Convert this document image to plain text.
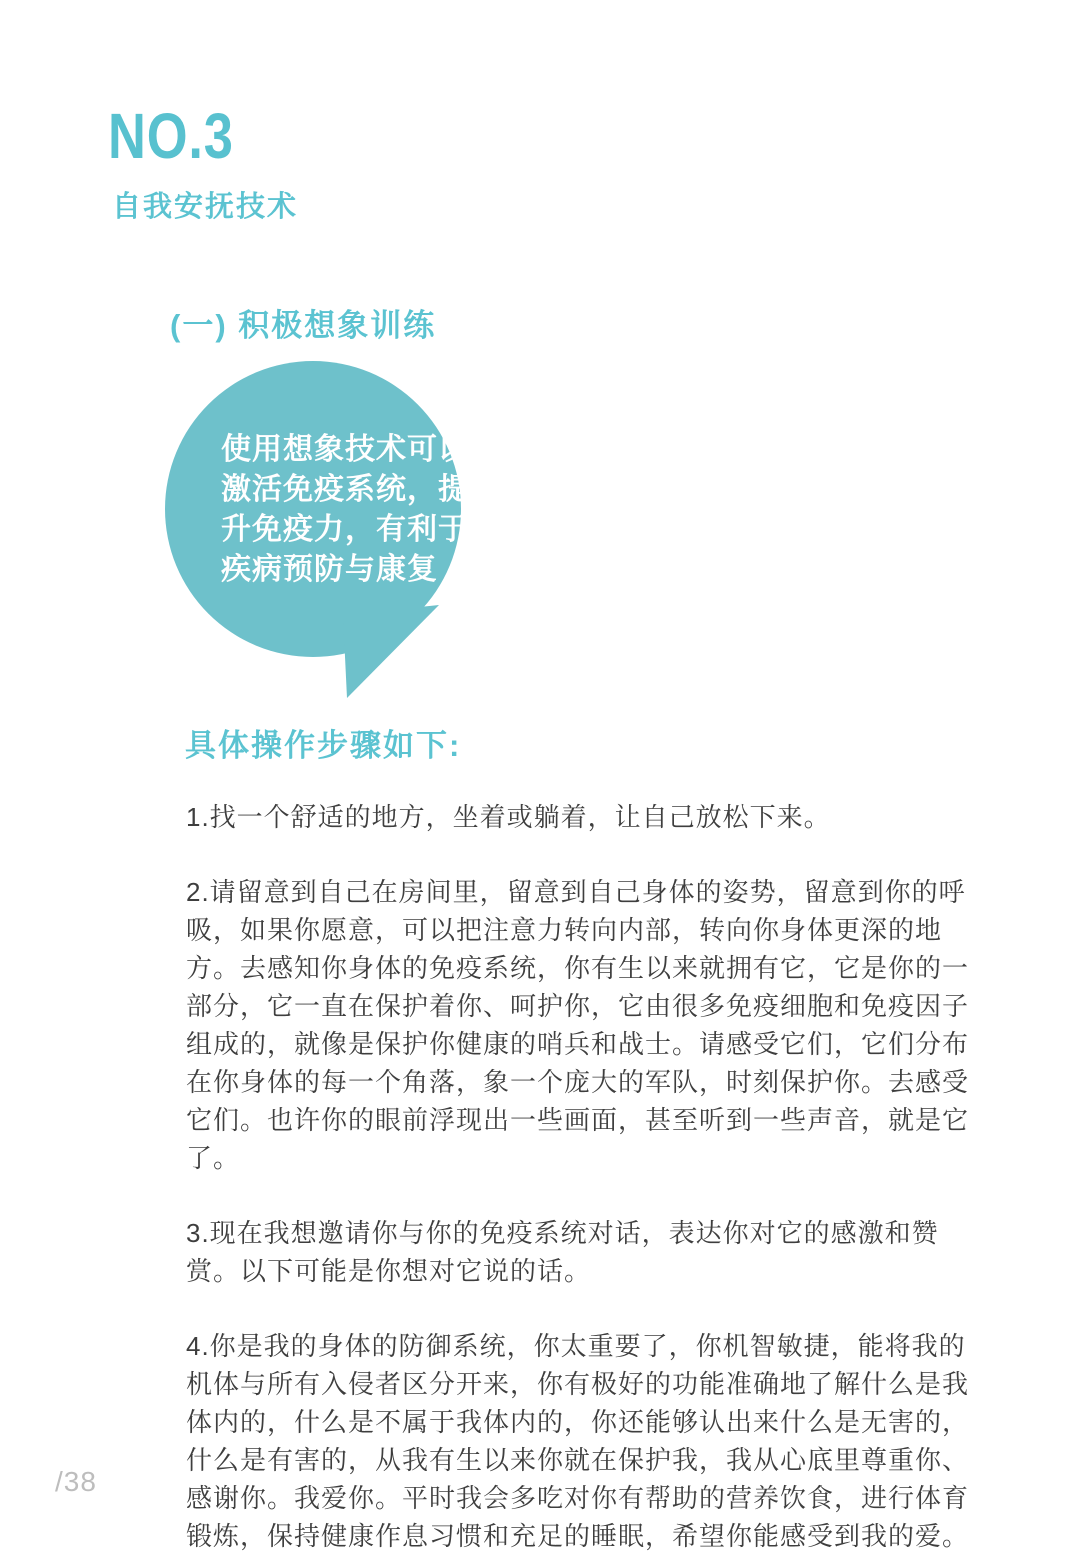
NO.3
自我安抚技术
(一) 积极想象训练
使用想象技术可以激活免疫系统，提升免疫力，有利于疾病预防与康复
具体操作步骤如下:

1.找一个舒适的地方，坐着或躺着，让自己放松下来。

2.请留意到自己在房间里，留意到自己身体的姿势，留意到你的呼吸，如果你愿意，可以把注意力转向内部，转向你身体更深的地方。去感知你身体的免疫系统，你有生以来就拥有它，它是你的一部分，它一直在保护着你、呵护你，它由很多免疫细胞和免疫因子组成的，就像是保护你健康的哨兵和战士。请感受它们，它们分布在你身体的每一个角落，象一个庞大的军队，时刻保护你。去感受它们。也许你的眼前浮现出一些画面，甚至听到一些声音，就是它了。

3.现在我想邀请你与你的免疫系统对话，表达你对它的感激和赞赏。以下可能是你想对它说的话。

4.你是我的身体的防御系统，你太重要了，你机智敏捷，能将我的机体与所有入侵者区分开来，你有极好的功能准确地了解什么是我体内的，什么是不属于我体内的，你还能够认出来什么是无害的，什么是有害的，从我有生以来你就在保护我，我从心底里尊重你、感谢你。我爱你。平时我会多吃对你有帮助的营养饮食，进行体育锻炼，保持健康作息习惯和充足的睡眠，希望你能感受到我的爱。

/38
